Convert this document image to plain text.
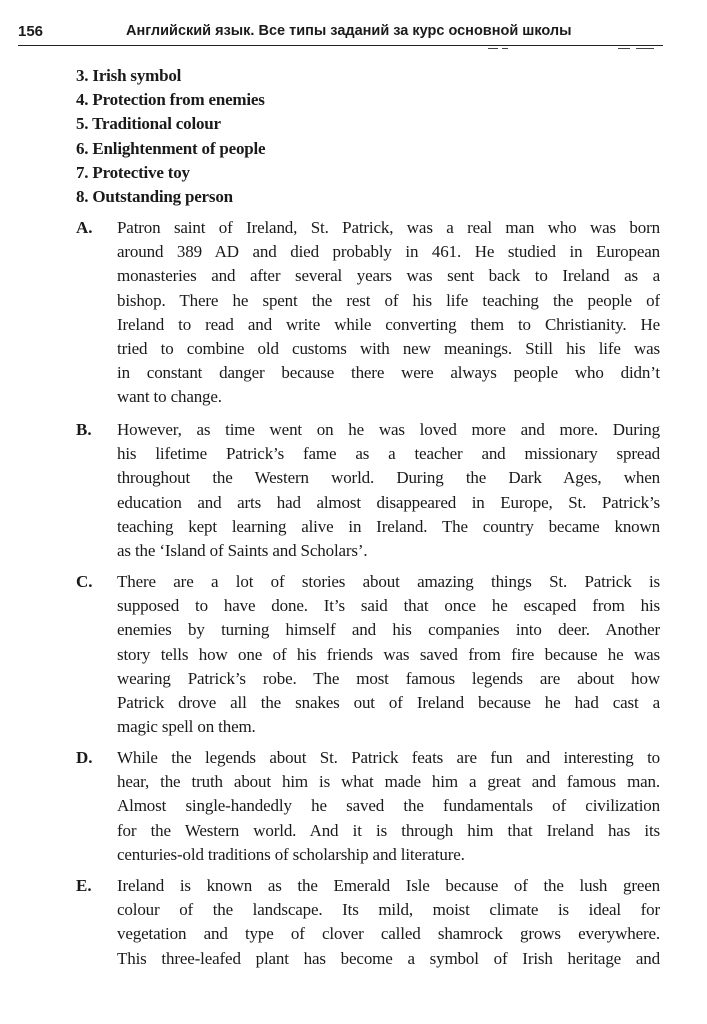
156	Английский язык. Все типы заданий за курс основной школы
3. Irish symbol
4. Protection from enemies
5. Traditional colour
6. Enlightenment of people
7. Protective toy
8. Outstanding person
A. Patron saint of Ireland, St. Patrick, was a real man who was born
around 389 AD and died probably in 461. He studied in European
monasteries and after several years was sent back to Ireland as a
bishop. There he spent the rest of his life teaching the people of
Ireland to read and write while converting them to Christianity. He
tried to combine old customs with new meanings. Still his life was
in constant danger because there were always people who didn’t
want to change.
B. However, as time went on he was loved more and more. During
his lifetime Patrick’s fame as a teacher and missionary spread
throughout the Western world. During the Dark Ages, when
education and arts had almost disappeared in Europe, St. Patrick’s
teaching kept learning alive in Ireland. The country became known
as the ‘Island of Saints and Scholars’.
C. There are a lot of stories about amazing things St. Patrick is
supposed to have done. It’s said that once he escaped from his
enemies by turning himself and his companies into deer. Another
story tells how one of his friends was saved from fire because he was
wearing Patrick’s robe. The most famous legends are about how
Patrick drove all the snakes out of Ireland because he had cast a
magic spell on them.
D. While the legends about St. Patrick feats are fun and interesting to
hear, the truth about him is what made him a great and famous man.
Almost single-handedly he saved the fundamentals of civilization
for the Western world. And it is through him that Ireland has its
centuries-old traditions of scholarship and literature.
E. Ireland is known as the Emerald Isle because of the lush green
colour of the landscape. Its mild, moist climate is ideal for
vegetation and type of clover called shamrock grows everywhere.
This three-leafed plant has become a symbol of Irish heritage and
